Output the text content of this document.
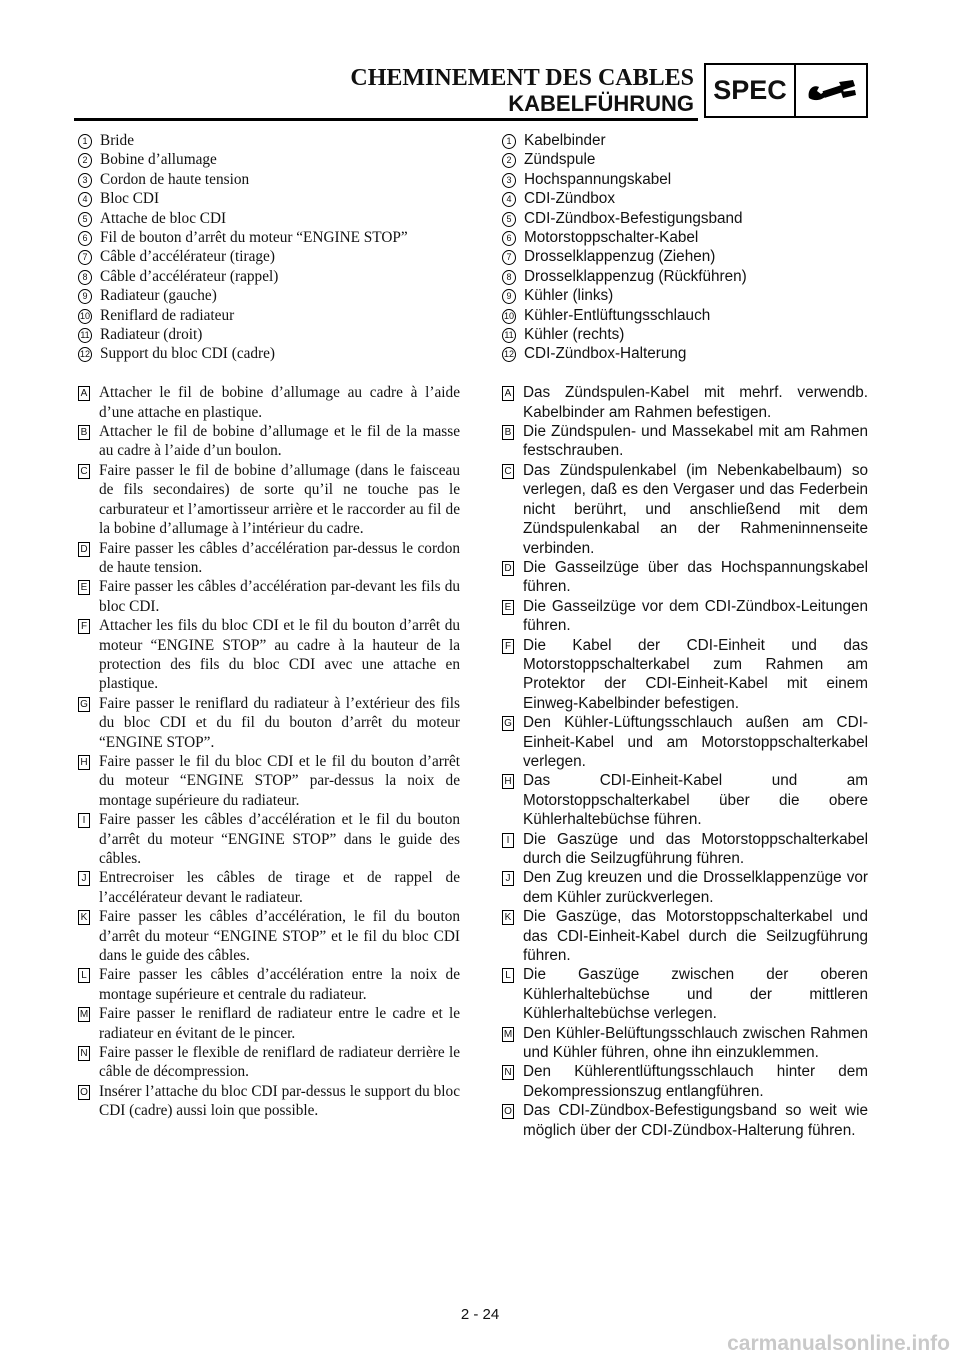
CHEMINEMENT DES CABLES
KABELFÜHRUNG SPEC
1 Bride
2 Bobine d’allumage
3 Cordon de haute tension
4 Bloc CDI
5 Attache de bloc CDI
6 Fil de bouton d’arrêt du moteur “ENGINE STOP”
7 Câble d’accélérateur (tirage)
8 Câble d’accélérateur (rappel)
9 Radiateur (gauche)
10 Reniflard de radiateur
11 Radiateur (droit)
12 Support du bloc CDI (cadre)
A Attacher le fil de bobine d’allumage au cadre à l’aide d’une attache en plastique.
B Attacher le fil de bobine d’allumage et le fil de la masse au cadre à l’aide d’un boulon.
C Faire passer le fil de bobine d’allumage (dans le faisceau de fils secondaires) de sorte qu’il ne touche pas le carburateur et l’amortisseur arrière et le raccorder au fil de la bobine d’allumage à l’intérieur du cadre.
D Faire passer les câbles d’accélération par-dessus le cordon de haute tension.
E Faire passer les câbles d’accélération par-devant les fils du bloc CDI.
F Attacher les fils du bloc CDI et le fil du bouton d’arrêt du moteur “ENGINE STOP” au cadre à la hauteur de la protection des fils du bloc CDI avec une attache en plastique.
G Faire passer le reniflard du radiateur à l’extérieur des fils du bloc CDI et du fil du bouton d’arrêt du moteur “ENGINE STOP”.
H Faire passer le fil du bloc CDI et le fil du bouton d’arrêt du moteur “ENGINE STOP” par-dessus la noix de montage supérieure du radiateur.
I Faire passer les câbles d’accélération et le fil du bouton d’arrêt du moteur “ENGINE STOP” dans le guide des câbles.
J Entrecroiser les câbles de tirage et de rappel de l’accélérateur devant le radiateur.
K Faire passer les câbles d’accélération, le fil du bouton d’arrêt du moteur “ENGINE STOP” et le fil du bloc CDI dans le guide des câbles.
L Faire passer les câbles d’accélération entre la noix de montage supérieure et centrale du radiateur.
M Faire passer le reniflard de radiateur entre le cadre et le radiateur en évitant de le pincer.
N Faire passer le flexible de reniflard de radiateur derrière le câble de décompression.
O Insérer l’attache du bloc CDI par-dessus le support du bloc CDI (cadre) aussi loin que possible.
1 Kabelbinder
2 Zündspule
3 Hochspannungskabel
4 CDI-Zündbox
5 CDI-Zündbox-Befestigungsband
6 Motorstoppschalter-Kabel
7 Drosselklappenzug (Ziehen)
8 Drosselklappenzug (Rückführen)
9 Kühler (links)
10 Kühler-Entlüftungsschlauch
11 Kühler (rechts)
12 CDI-Zündbox-Halterung
A Das Zündspulen-Kabel mit mehrf. verwendb. Kabelbinder am Rahmen befestigen.
B Die Zündspulen- und Massekabel mit am Rahmen festschrauben.
C Das Zündspulenkabel (im Nebenkabelbaum) so verlegen, daß es den Vergaser und das Federbein nicht berührt, und anschließend mit dem Zündspulenkabal an der Rahmeninnenseite verbinden.
D Die Gasseilzüge über das Hochspannungskabel führen.
E Die Gasseilzüge vor dem CDI-Zündbox-Leitungen führen.
F Die Kabel der CDI-Einheit und das Motorstoppschalterkabel zum Rahmen am Protektor der CDI-Einheit-Kabel mit einem Einweg-Kabelbinder befestigen.
G Den Kühler-Lüftungsschlauch außen am CDI-Einheit-Kabel und am Motorstoppschalterkabel verlegen.
H Das CDI-Einheit-Kabel und am Motorstoppschalterkabel über die obere Kühlerhaltebüchse führen.
I Die Gaszüge und das Motorstoppschalterkabel durch die Seilzugführung führen.
J Den Zug kreuzen und die Drosselklappenzüge vor dem Kühler zurückverlegen.
K Die Gaszüge, das Motorstoppschalterkabel und das CDI-Einheit-Kabel durch die Seilzugführung führen.
L Die Gaszüge zwischen der oberen Kühlerhaltebüchse und der mittleren Kühlerhaltebüchse verlegen.
M Den Kühler-Belüftungsschlauch zwischen Rahmen und Kühler führen, ohne ihn einzuklemmen.
N Den Kühlerentlüftungsschlauch hinter dem Dekompressionszug entlangführen.
O Das CDI-Zündbox-Befestigungsband so weit wie möglich über der CDI-Zündbox-Halterung führen.
2 - 24
carmanualsonline.info
